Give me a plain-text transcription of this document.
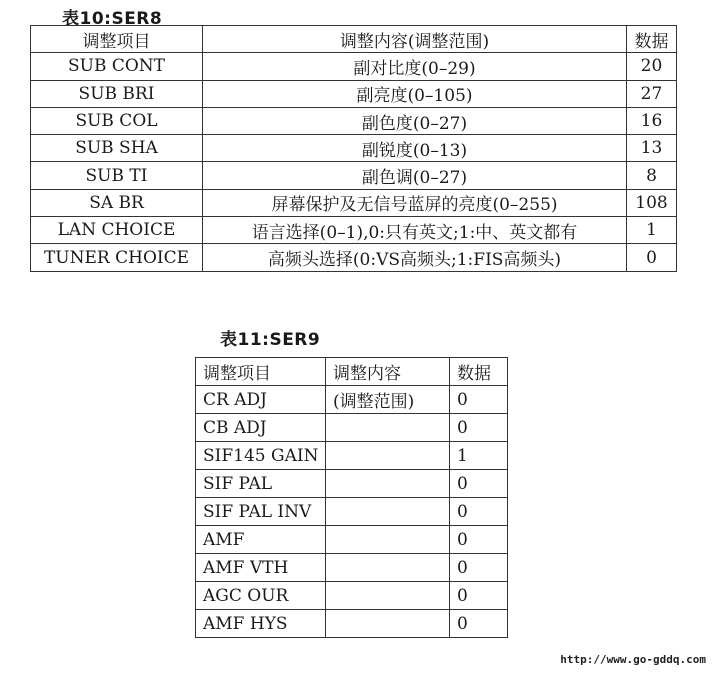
表10:SER8
调整项目	调整内容(调整范围)	数据
SUB CONT	副对比度(0–29)	20
SUB BRI	副亮度(0–105)	27
SUB COL	副色度(0–27)	16
SUB SHA	副锐度(0–13)	13
SUB TI	副色调(0–27)	8
SA BR	屏幕保护及无信号蓝屏的亮度(0–255)	108
LAN CHOICE	语言选择(0–1),0:只有英文;1:中、英文都有	1
TUNER CHOICE	高频头选择(0:VS高频头;1:FIS高频头)	0
表11:SER9
调整项目	调整内容	数据
CR ADJ	(调整范围)	0
CB ADJ		0
SIF145 GAIN		1
SIF PAL		0
SIF PAL INV		0
AMF		0
AMF VTH		0
AGC OUR		0
AMF HYS		0
http://www.go-gddq.com
